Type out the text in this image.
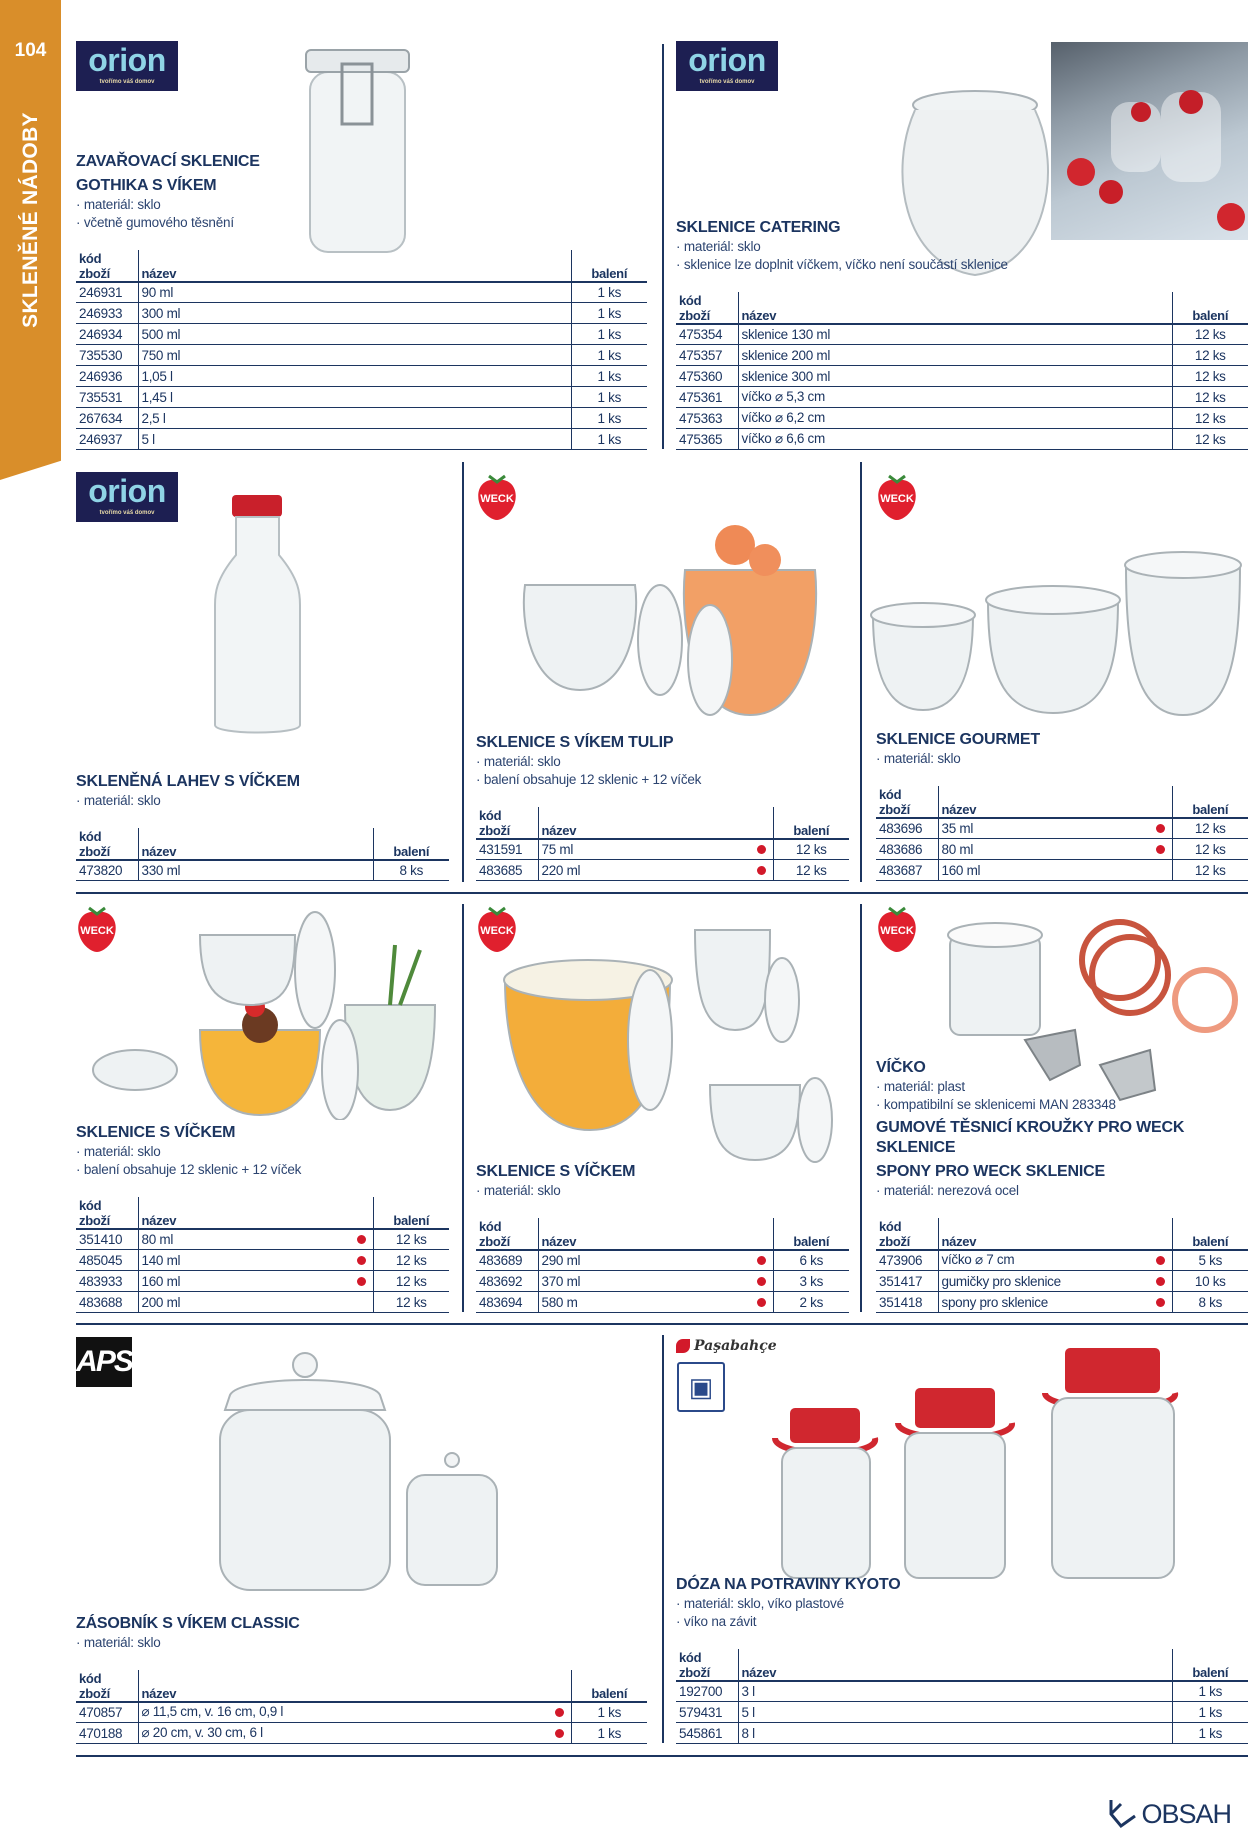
104
SKLENĚNÉ NÁDOBY
orion
tvořímo váš domov
orion
tvořímo váš domov
orion
tvořímo váš domov
WECK	WECK
WECK	WECK	WECK
APS	Paşabahçe
▣
ZAVAŘOVACÍ SKLENICE
GOTHIKA S VÍKEM
· materiál: sklo
· včetně gumového těsnění
kód zboží	název		balení
246931	90 ml		1 ks
246933	300 ml		1 ks
246934	500 ml		1 ks
735530	750 ml		1 ks
246936	1,05 l		1 ks
735531	1,45 l		1 ks
267634	2,5 l		1 ks
246937	5 l		1 ks
SKLENICE CATERING
· materiál: sklo
· sklenice lze doplnit víčkem, víčko není součástí sklenice
kód zboží	název		balení
475354	sklenice 130 ml		12 ks
475357	sklenice 200 ml		12 ks
475360	sklenice 300 ml		12 ks
475361	víčko ⌀ 5,3 cm		12 ks
475363	víčko ⌀ 6,2 cm		12 ks
475365	víčko ⌀ 6,6 cm		12 ks
SKLENĚNÁ LAHEV S VÍČKEM
· materiál: sklo
kód zboží	název		balení
473820	330 ml		8 ks
SKLENICE S VÍKEM TULIP
· materiál: sklo
· balení obsahuje 12 sklenic + 12 víček
kód zboží	název		balení
431591	75 ml		12 ks
483685	220 ml		12 ks
SKLENICE GOURMET
· materiál: sklo
kód zboží	název		balení
483696	35 ml		12 ks
483686	80 ml		12 ks
483687	160 ml		12 ks
SKLENICE S VÍČKEM
· materiál: sklo
· balení obsahuje 12 sklenic + 12 víček
kód zboží	název		balení
351410	80 ml		12 ks
485045	140 ml		12 ks
483933	160 ml		12 ks
483688	200 ml		12 ks
SKLENICE S VÍČKEM
· materiál: sklo
kód zboží	název		balení
483689	290 ml		6 ks
483692	370 ml		3 ks
483694	580 m		2 ks
VÍČKO
· materiál: plast
· kompatibilní se sklenicemi MAN 283348
GUMOVÉ TĚSNICÍ KROUŽKY PRO WECK SKLENICE
SPONY PRO WECK SKLENICE
· materiál: nerezová ocel
kód zboží	název		balení
473906	víčko ⌀ 7 cm		5 ks
351417	gumičky pro sklenice		10 ks
351418	spony pro sklenice		8 ks
ZÁSOBNÍK S VÍKEM CLASSIC
· materiál: sklo
kód zboží	název		balení
470857	⌀ 11,5 cm, v. 16 cm, 0,9 l		1 ks
470188	⌀ 20 cm, v. 30 cm, 6 l		1 ks
DÓZA NA POTRAVINY KYOTO
· materiál: sklo, víko plastové
· víko na závit
kód zboží	název		balení
192700	3 l		1 ks
579431	5 l		1 ks
545861	8 l		1 ks
OBSAH
